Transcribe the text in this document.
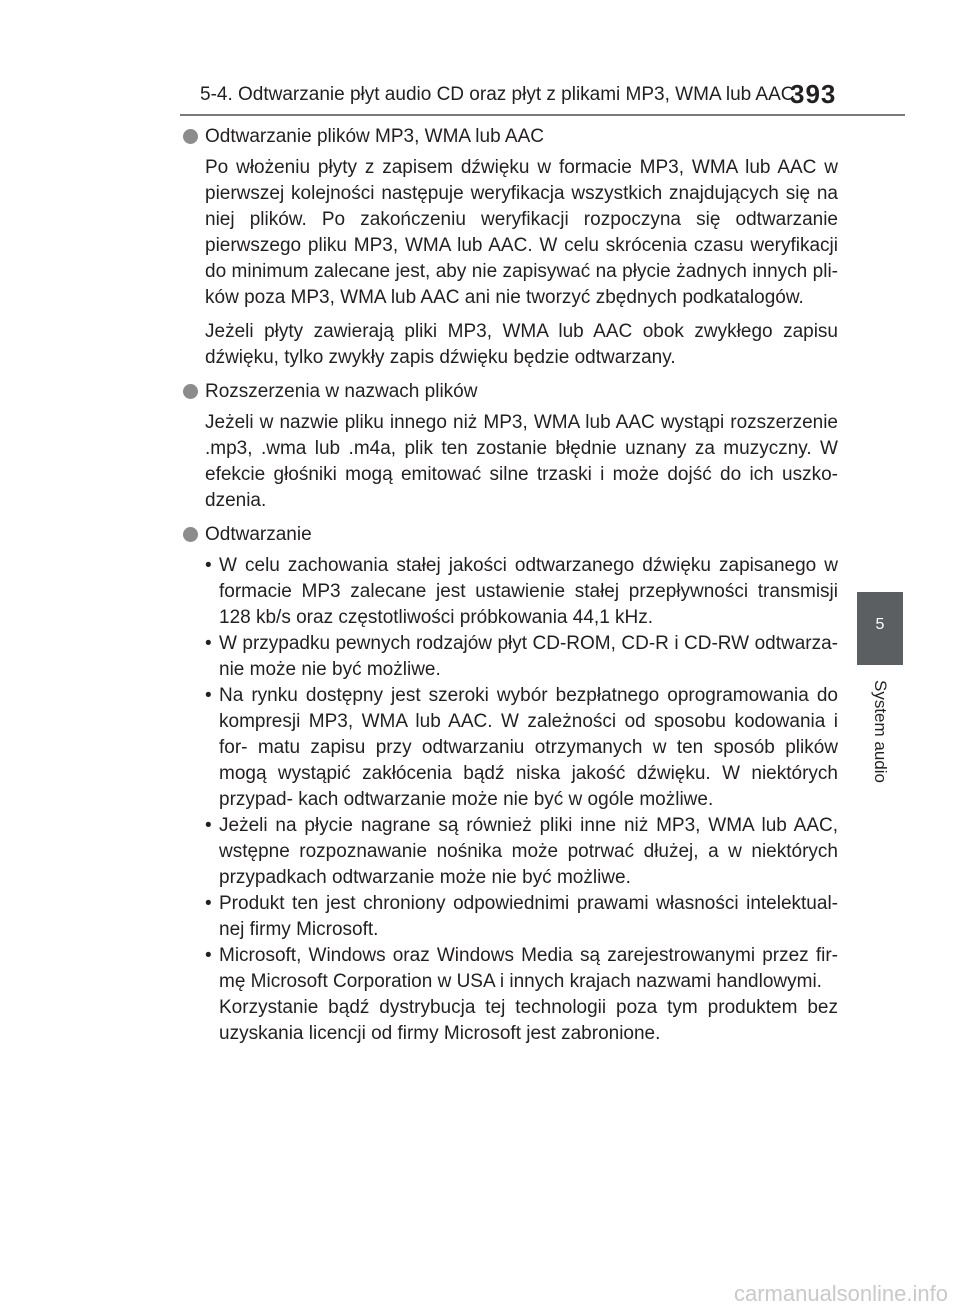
5-4. Odtwarzanie płyt audio CD oraz płyt z plikami MP3, WMA lub AAC
393
5
System audio
Odtwarzanie plików MP3, WMA lub AAC

Po włożeniu płyty z zapisem dźwięku w formacie MP3, WMA lub AAC w pierwszej kolejności następuje weryfikacja wszystkich znajdujących się na niej plików. Po zakończeniu weryfikacji rozpoczyna się odtwarzanie pierwszego pliku MP3, WMA lub AAC. W celu skrócenia czasu weryfikacji do minimum zalecane jest, aby nie zapisywać na płycie żadnych innych pli- ków poza MP3, WMA lub AAC ani nie tworzyć zbędnych podkatalogów.

Jeżeli płyty zawierają pliki MP3, WMA lub AAC obok zwykłego zapisu dźwięku, tylko zwykły zapis dźwięku będzie odtwarzany.

Rozszerzenia w nazwach plików

Jeżeli w nazwie pliku innego niż MP3, WMA lub AAC wystąpi rozszerzenie .mp3, .wma lub .m4a, plik ten zostanie błędnie uznany za muzyczny. W efekcie głośniki mogą emitować silne trzaski i może dojść do ich uszko- dzenia.

Odtwarzanie
• W celu zachowania stałej jakości odtwarzanego dźwięku zapisanego w formacie MP3 zalecane jest ustawienie stałej przepływności transmisji 128 kb/s oraz częstotliwości próbkowania 44,1 kHz.
• W przypadku pewnych rodzajów płyt CD-ROM, CD-R i CD-RW odtwarza- nie może nie być możliwe.
• Na rynku dostępny jest szeroki wybór bezpłatnego oprogramowania do kompresji MP3, WMA lub AAC. W zależności od sposobu kodowania i for- matu zapisu przy odtwarzaniu otrzymanych w ten sposób plików mogą wystąpić zakłócenia bądź niska jakość dźwięku. W niektórych przypad- kach odtwarzanie może nie być w ogóle możliwe.
• Jeżeli na płycie nagrane są również pliki inne niż MP3, WMA lub AAC, wstępne rozpoznawanie nośnika może potrwać dłużej, a w niektórych przypadkach odtwarzanie może nie być możliwe.
• Produkt ten jest chroniony odpowiednimi prawami własności intelektual- nej firmy Microsoft.
• Microsoft, Windows oraz Windows Media są zarejestrowanymi przez fir- mę Microsoft Corporation w USA i innych krajach nazwami handlowymi.

Korzystanie bądź dystrybucja tej technologii poza tym produktem bez uzyskania licencji od firmy Microsoft jest zabronione.

carmanualsonline.info
